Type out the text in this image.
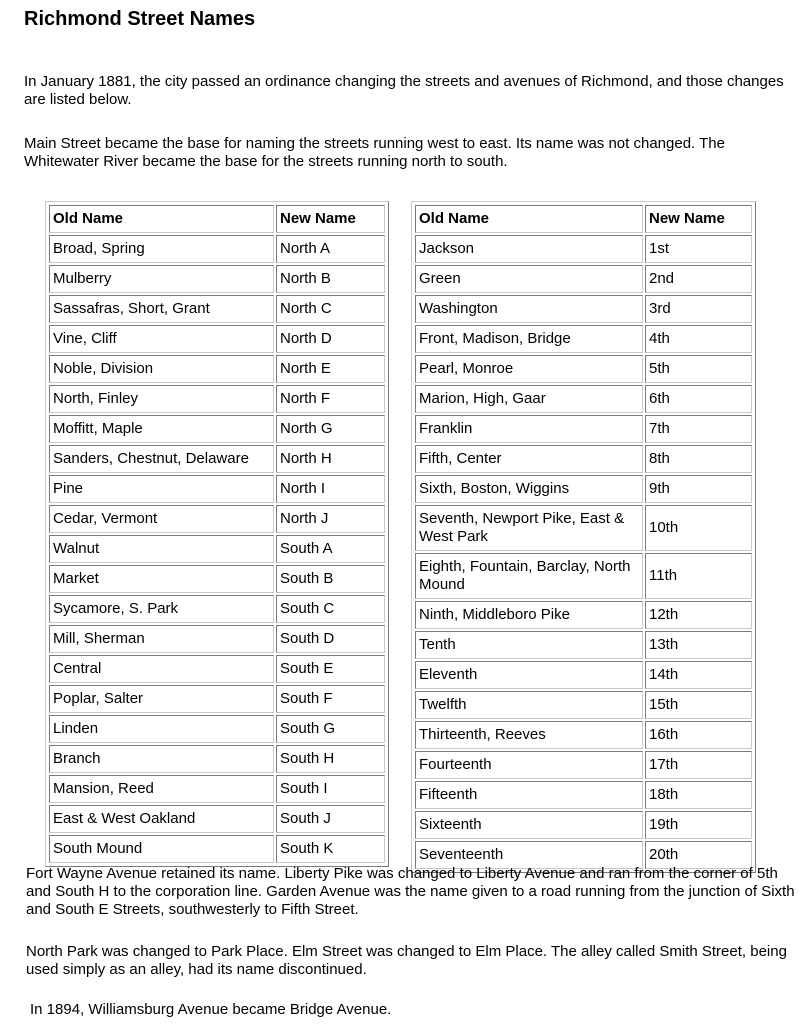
Richmond Street Names

In January 1881, the city passed an ordinance changing the streets and avenues of Richmond, and those changes are listed below.

Main Street became the base for naming the streets running west to east. Its name was not changed. The Whitewater River became the base for the streets running north to south.

Old Name	New Name
Broad, Spring	North A
Mulberry	North B
Sassafras, Short, Grant	North C
Vine, Cliff	North D
Noble, Division	North E
North, Finley	North F
Moffitt, Maple	North G
Sanders, Chestnut, Delaware	North H
Pine	North I
Cedar, Vermont	North J
Walnut	South A
Market	South B
Sycamore, S. Park	South C
Mill, Sherman	South D
Central	South E
Poplar, Salter	South F
Linden	South G
Branch	South H
Mansion, Reed	South I
East & West Oakland	South J
South Mound	South K
Old Name	New Name
Jackson	1st
Green	2nd
Washington	3rd
Front, Madison, Bridge	4th
Pearl, Monroe	5th
Marion, High, Gaar	6th
Franklin	7th
Fifth, Center	8th
Sixth, Boston, Wiggins	9th
Seventh, Newport Pike, East & West Park	10th
Eighth, Fountain, Barclay, North Mound	11th
Ninth, Middleboro Pike	12th
Tenth	13th
Eleventh	14th
Twelfth	15th
Thirteenth, Reeves	16th
Fourteenth	17th
Fifteenth	18th
Sixteenth	19th
Seventeenth	20th

Fort Wayne Avenue retained its name. Liberty Pike was changed to Liberty Avenue and ran from the corner of 5th and South H to the corporation line. Garden Avenue was the name given to a road running from the junction of Sixth and South E Streets, southwesterly to Fifth Street.

North Park was changed to Park Place. Elm Street was changed to Elm Place. The alley called Smith Street, being used simply as an alley, had its name discontinued.

In 1894, Williamsburg Avenue became Bridge Avenue.
